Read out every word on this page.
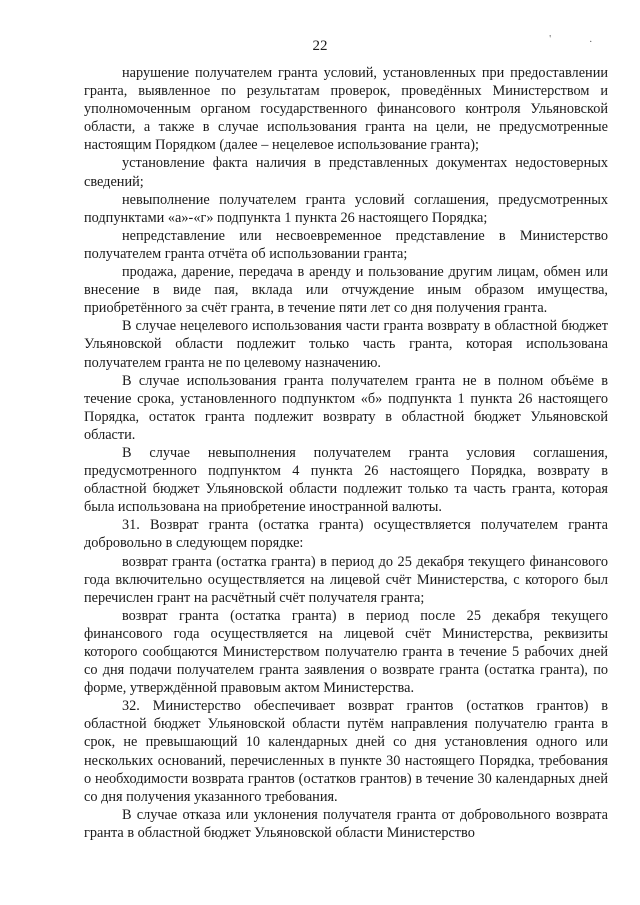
22	' .

нарушение получателем гранта условий, установленных при предоставлении гранта, выявленное по результатам проверок, проведённых Министерством и уполномоченным органом государственного финансового контроля Ульяновской области, а также в случае использования гранта на цели, не предусмотренные настоящим Порядком (далее – нецелевое использование гранта);

установление факта наличия в представленных документах недостоверных сведений;

невыполнение получателем гранта условий соглашения, предусмотренных подпунктами «а»-«г» подпункта 1 пункта 26 настоящего Порядка;

непредставление или несвоевременное представление в Министерство получателем гранта отчёта об использовании гранта;

продажа, дарение, передача в аренду и пользование другим лицам, обмен или внесение в виде пая, вклада или отчуждение иным образом имущества, приобретённого за счёт гранта, в течение пяти лет со дня получения гранта.

В случае нецелевого использования части гранта возврату в областной бюджет Ульяновской области подлежит только часть гранта, которая использована получателем гранта не по целевому назначению.

В случае использования гранта получателем гранта не в полном объёме в течение срока, установленного подпунктом «б» подпункта 1 пункта 26 настоящего Порядка, остаток гранта подлежит возврату в областной бюджет Ульяновской области.

В случае невыполнения получателем гранта условия соглашения, предусмотренного подпунктом 4 пункта 26 настоящего Порядка, возврату в областной бюджет Ульяновской области подлежит только та часть гранта, которая была использована на приобретение иностранной валюты.

31. Возврат гранта (остатка гранта) осуществляется получателем гранта добровольно в следующем порядке:

возврат гранта (остатка гранта) в период до 25 декабря текущего финансового года включительно осуществляется на лицевой счёт Министерства, с которого был перечислен грант на расчётный счёт получателя гранта;

возврат гранта (остатка гранта) в период после 25 декабря текущего финансового года осуществляется на лицевой счёт Министерства, реквизиты которого сообщаются Министерством получателю гранта в течение 5 рабочих дней со дня подачи получателем гранта заявления о возврате гранта (остатка гранта), по форме, утверждённой правовым актом Министерства.

32. Министерство обеспечивает возврат грантов (остатков грантов) в областной бюджет Ульяновской области путём направления получателю гранта в срок, не превышающий 10 календарных дней со дня установления одного или нескольких оснований, перечисленных в пункте 30 настоящего Порядка, требования о необходимости возврата грантов (остатков грантов) в течение 30 календарных дней со дня получения указанного требования.

В случае отказа или уклонения получателя гранта от добровольного возврата гранта в областной бюджет Ульяновской области Министерство
